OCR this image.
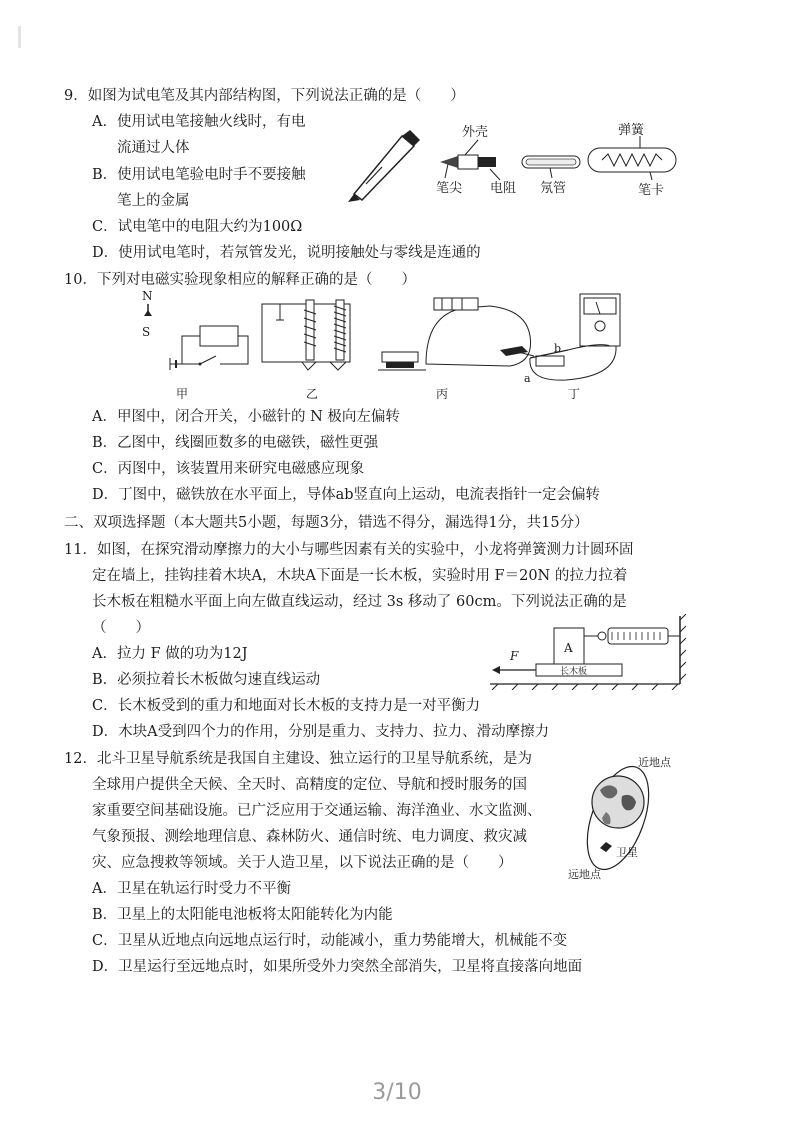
9．如图为试电笔及其内部结构图，下列说法正确的是（　　）
A．使用试电笔接触火线时，有电
流通过人体
B．使用试电笔验电时手不要接触
笔上的金属
C．试电笔中的电阻大约为100Ω
D．使用试电笔时，若氖管发光，说明接触处与零线是连通的
外壳	弹簧
笔尖 电阻 氖管	笔卡
10．下列对电磁实验现象相应的解释正确的是（　　）
N
S
b
a
甲	乙	丙	丁
A．甲图中，闭合开关，小磁针的 N 极向左偏转
B．乙图中，线圈匝数多的电磁铁，磁性更强
C．丙图中，该装置用来研究电磁感应现象
D．丁图中，磁铁放在水平面上，导体ab竖直向上运动，电流表指针一定会偏转
二、双项选择题（本大题共5小题，每题3分，错选不得分，漏选得1分，共15分）
11．如图，在探究滑动摩擦力的大小与哪些因素有关的实验中，小龙将弹簧测力计圆环固
定在墙上，挂钩挂着木块A，木块A下面是一长木板，实验时用 F＝20N 的拉力拉着
长木板在粗糙水平面上向左做直线运动，经过 3s 移动了 60cm。下列说法正确的是
（　　）
A．拉力 F 做的功为12J
B．必须拉着长木板做匀速直线运动
C．长木板受到的重力和地面对长木板的支持力是一对平衡力
D．木块A受到四个力的作用，分别是重力、支持力、拉力、滑动摩擦力
A
F
长木板
12．北斗卫星导航系统是我国自主建设、独立运行的卫星导航系统，是为
全球用户提供全天候、全天时、高精度的定位、导航和授时服务的国
家重要空间基础设施。已广泛应用于交通运输、海洋渔业、水文监测、
气象预报、测绘地理信息、森林防火、通信时统、电力调度、救灾减
灾、应急搜救等领域。关于人造卫星，以下说法正确的是（　　）
A．卫星在轨运行时受力不平衡
B．卫星上的太阳能电池板将太阳能转化为内能
C．卫星从近地点向远地点运行时，动能减小，重力势能增大，机械能不变
D．卫星运行至远地点时，如果所受外力突然全部消失，卫星将直接落向地面
近地点
卫星
远地点
3/10
